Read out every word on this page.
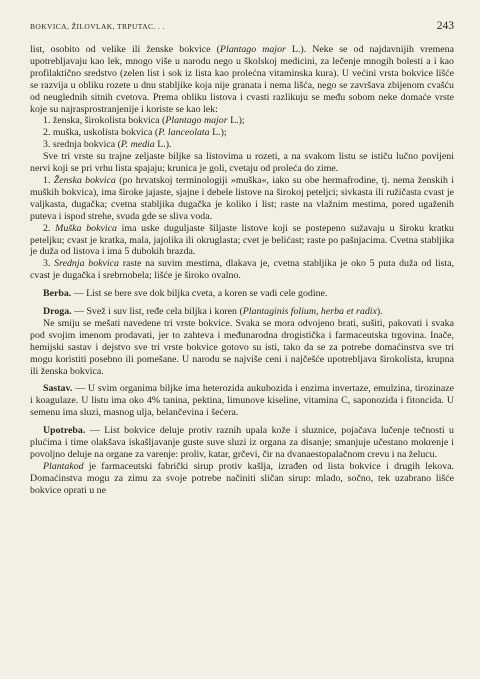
BOKVICA, ŽILOVLAK, TRPUTAC. . .	243

list, osobito od velike ili ženske bokvice (Plantago major L.). Neke se od najdavnijih vremena upotrebljavaju kao lek, mnogo više u narodu nego u školskoj medicini, za lečenje mnogih bolesti a i kao profilaktično sredstvo (zelen list i sok iz lista kao prolećna vitaminska kura). U većini vrsta bokvice lišće se razvija u obliku rozete u dnu stabljike koja nije granata i nema lišća, nego se završava zbijenom cvašću od neuglednih sitnih cvetova. Prema obliku listova i cvasti razlikuju se među sobom neke domaće vrste koje su najrasprostranjenije i koriste se kao lek:

1. ženska, širokolista bokvica (Plantago major L.);

2. muška, uskolista bokvica (P. lanceolata L.);

3. srednja bokvica (P. media L.).

Sve tri vrste su trajne zeljaste biljke sa listovima u rozeti, a na svakom listu se ističu lučno povijeni nervi koji se pri vrhu lista spajaju; krunica je goli, cvetaju od proleća do zime.

1. Ženska bokvica (po hrvatskoj terminologiji »muška«, iako su obe hermafrodine, tj. nema ženskih i muških bokvica), ima široke jajaste, sjajne i debele listove na širokoj peteljci; sivkasta ili ružičasta cvast je valjkasta, dugačka; cvetna stabljika dugačka je koliko i list; raste na vlažnim mestima, pored ugaženih puteva i ispod strehe, svuda gde se sliva voda.

2. Muška bokvica ima uske duguljaste šiljaste listove koji se postepeno sužavaju u široku kratku peteljku; cvast je kratka, mala, jajolika ili okruglasta; cvet je belićast; raste po pašnjacima. Cvetna stabljika je duža od listova i ima 5 dubokih brazda.

3. Srednja bokvica raste na suvim mestima, dlakava je, cvetna stabljika je oko 5 puta duža od lista, cvast je dugačka i srebrnobela; lišće je široko ovalno.

Berba. — List se bere sve dok biljka cveta, a koren se vadi cele godine.

Droga. — Svež i suv list, ređe cela biljka i koren (Plantaginis folium, herba et radix).

Ne smiju se mešati navedene tri vrste bokvice. Svaka se mora odvojeno brati, sušiti, pakovati i svaka pod svojim imenom prodavati, jer to zahteva i međunarodna drogistička i farmaceutska trgovina. Inače, hemijski sastav i dejstvo sve tri vrste bokvice gotovo su isti, tako da se za potrebe domaćinstva sve tri mogu koristiti posebno ili pomešane. U narodu se najviše ceni i najčešće upotrebljava širokolista, krupna ili ženska bokvica.

Sastav. — U svim organima biljke ima heterozida aukubozida i enzima invertaze, emulzina, tirozinaze i koagulaze. U listu ima oko 4% tanina, pektina, limunove kiseline, vitamina C, saponozida i fitoncida. U semenu ima sluzi, masnog ulja, belančevina i šećera.

Upotreba. — List bokvice deluje protiv raznih upala kože i sluznice, pojačava lučenje tečnosti u plućima i time olakšava iskašljavanje guste suve sluzi iz organa za disanje; smanjuje učestano mokrenje i povoljno deluje na organe za varenje: proliv, katar, grčevi, čir na dvanaestopalačnom crevu i na želucu.

Plantakod je farmaceutski fabrički sirup protiv kašlja, izrađen od lista bokvice i drugih lekova. Domaćinstva mogu za zimu za svoje potrebe načiniti sličan sirup: mlado, sočno, tek uzabrano lišće bokvice oprati u ne
